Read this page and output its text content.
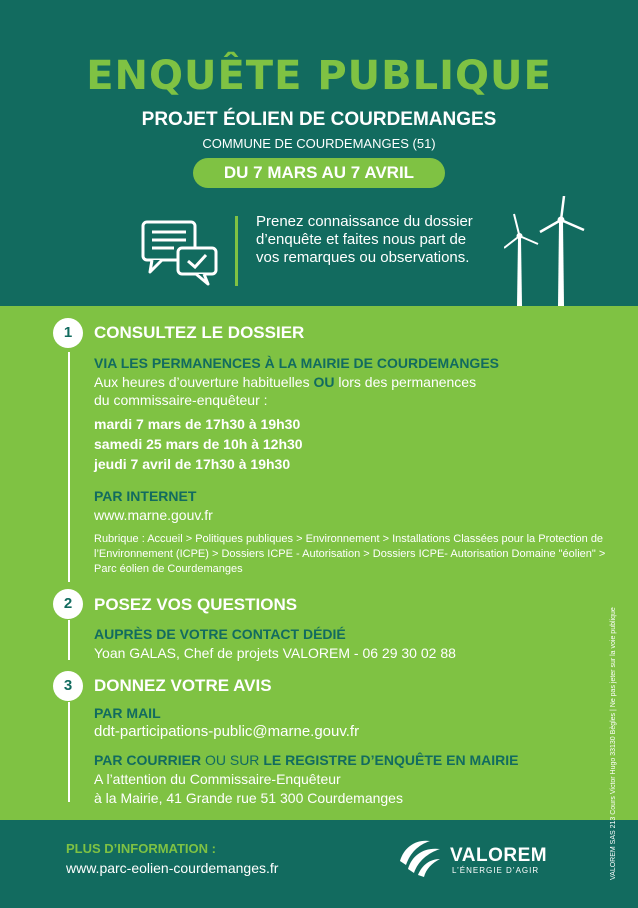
ENQUÊTE PUBLIQUE
PROJET ÉOLIEN DE COURDEMANGES
COMMUNE DE COURDEMANGES (51)
DU 7 MARS AU 7 AVRIL
Prenez connaissance du dossier d’enquête et faites nous part de vos remarques ou observations.
1	CONSULTEZ LE DOSSIER
VIA LES PERMANENCES À LA MAIRIE DE COURDEMANGES
Aux heures d’ouverture habituelles OU lors des permanences
du commissaire-enquêteur :
mardi 7 mars de 17h30 à 19h30
samedi 25 mars de 10h à 12h30
jeudi 7 avril de 17h30 à 19h30
PAR INTERNET
www.marne.gouv.fr
Rubrique : Accueil > Politiques publiques > Environnement > Installations Classées pour la Protection de l’Environnement (ICPE) > Dossiers ICPE - Autorisation > Dossiers ICPE- Autorisation Domaine "éolien" > Parc éolien de Courdemanges
2	POSEZ VOS QUESTIONS
AUPRÈS DE VOTRE CONTACT DÉDIÉ
Yoan GALAS, Chef de projets VALOREM - 06 29 30 02 88
3	DONNEZ VOTRE AVIS
PAR MAIL
ddt-participations-public@marne.gouv.fr
PAR COURRIER OU SUR LE REGISTRE D’ENQUÊTE EN MAIRIE
A l’attention du Commissaire-Enquêteur
à la Mairie, 41 Grande rue 51 300 Courdemanges
PLUS D’INFORMATION :
www.parc-eolien-courdemanges.fr
VALOREM
L’ÉNERGIE D’AGIR	VALOREM SAS 213 Cours Victor Hugo 33130 Bègles | Ne pas jeter sur la voie publique
